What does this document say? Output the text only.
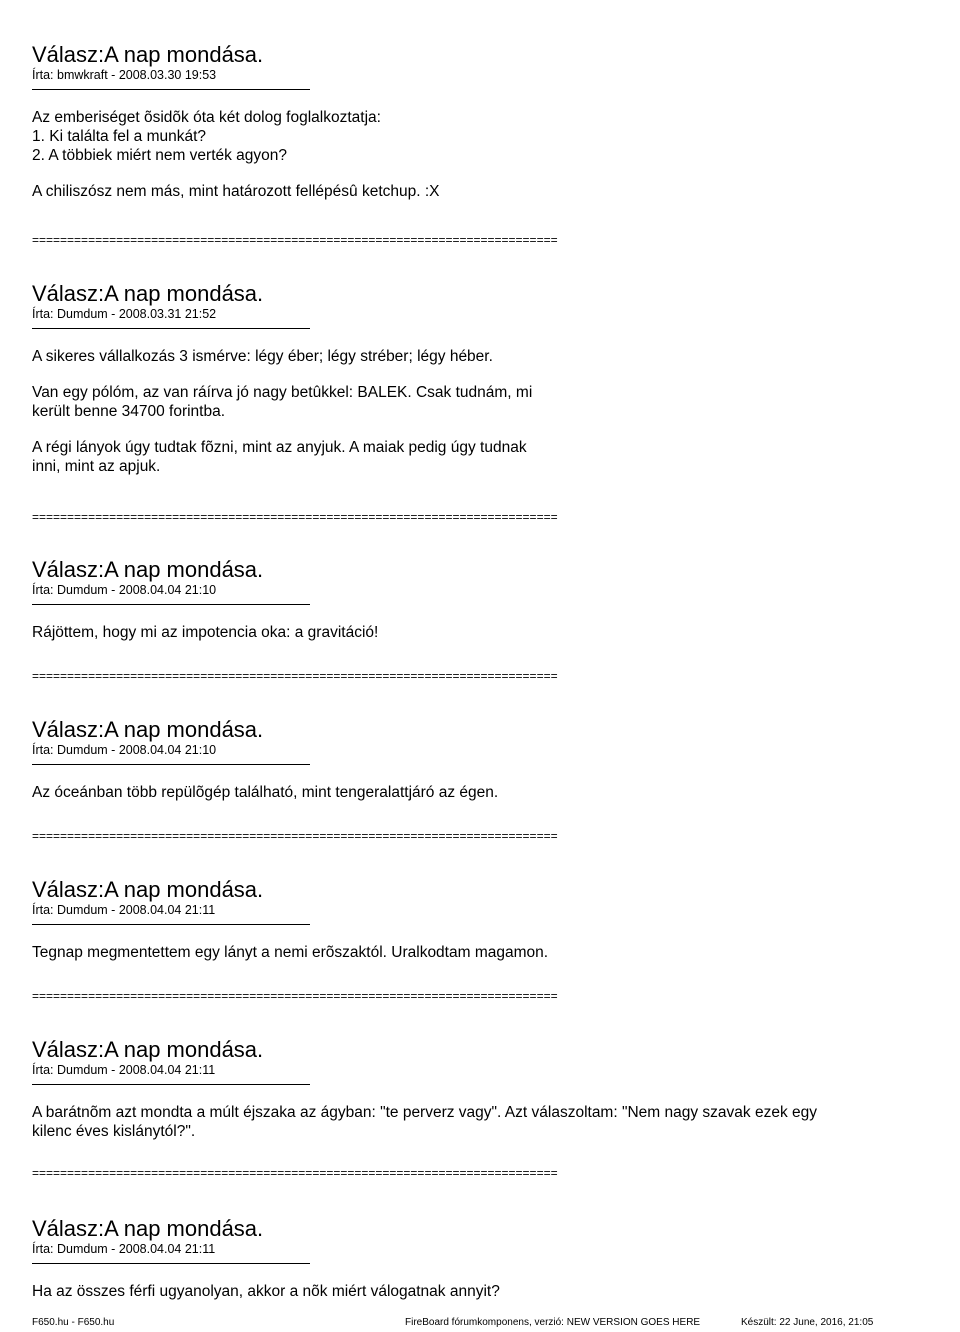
Válasz:A nap mondása.
Írta: bmwkraft - 2008.03.30 19:53

Az emberiséget õsidõk óta két dolog foglalkoztatja:

1. Ki találta fel a munkát?

2. A többiek miért nem verték agyon?

A chiliszósz nem más, mint határozott fellépésû ketchup. :X

===========================================================================
Válasz:A nap mondása.
Írta: Dumdum - 2008.03.31 21:52

A sikeres vállalkozás 3 ismérve: légy éber; légy stréber; légy héber.

Van egy pólóm, az van ráírva jó nagy betûkkel: BALEK. Csak tudnám, mi

került benne 34700 forintba.

A régi lányok úgy tudtak fõzni, mint az anyjuk. A maiak pedig úgy tudnak

inni, mint az apjuk.

===========================================================================
Válasz:A nap mondása.
Írta: Dumdum - 2008.04.04 21:10

Rájöttem, hogy mi az impotencia oka: a gravitáció!

===========================================================================
Válasz:A nap mondása.
Írta: Dumdum - 2008.04.04 21:10

Az óceánban több repülõgép található, mint tengeralattjáró az égen.

===========================================================================
Válasz:A nap mondása.
Írta: Dumdum - 2008.04.04 21:11

Tegnap megmentettem egy lányt a nemi erõszaktól. Uralkodtam magamon.

===========================================================================
Válasz:A nap mondása.
Írta: Dumdum - 2008.04.04 21:11

A barátnõm azt mondta a múlt éjszaka az ágyban: "te perverz vagy". Azt válaszoltam: "Nem nagy szavak ezek egy

kilenc éves kislánytól?".

===========================================================================
Válasz:A nap mondása.
Írta: Dumdum - 2008.04.04 21:11

Ha az összes férfi ugyanolyan, akkor a nõk miért válogatnak annyit?

F650.hu - F650.hu	FireBoard fórumkomponens, verzió: NEW VERSION GOES HERE	Készült: 22 June, 2016, 21:05
